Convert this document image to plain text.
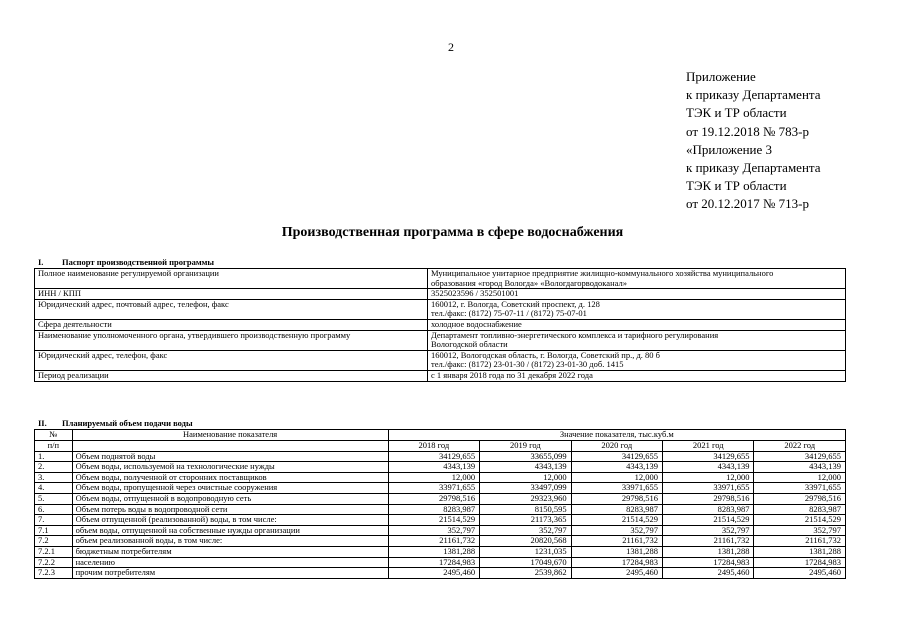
2
Приложение
к приказу Департамента
ТЭК и ТР области
от 19.12.2018 № 783-р
«Приложение 3
к приказу Департамента
ТЭК и ТР области
от 20.12.2017 № 713-р
Производственная программа в сфере водоснабжения
I. Паспорт производственной программы
Полное наименование регулируемой организации	Муниципальное унитарное предприятие жилищно-коммунального хозяйства муниципального
образования «город Вологда» «Вологдагорводоканал»

ИНН / КПП	3525023596 / 352501001

Юридический адрес, почтовый адрес, телефон, факс	160012, г. Вологда, Советский проспект, д. 128
тел./факс: (8172) 75-07-11 / (8172) 75-07-01

Сфера деятельности	холодное водоснабжение

Наименование уполномоченного органа, утвердившего производственную программу	Департамент топливно-энергетического комплекса и тарифного регулирования
Вологодской области

Юридический адрес, телефон, факс	160012, Вологодская область, г. Вологда, Советский пр., д. 80 б
тел./факс: (8172) 23-01-30 / (8172) 23-01-30 доб. 1415

Период реализации	с 1 января 2018 года по 31 декабря 2022 года
II. Планируемый объем подачи воды
№	Наименование показателя	Значение показателя, тыс.куб.м				
п/п		2018 год	2019 год	2020 год	2021 год	2022 год
1.	Объем поднятой воды	34129,655	33655,099	34129,655	34129,655	34129,655
2.	Объем воды, используемой на технологические нужды	4343,139	4343,139	4343,139	4343,139	4343,139
3.	Объем воды, полученной от сторонних поставщиков	12,000	12,000	12,000	12,000	12,000
4.	Объем воды, пропущенной через очистные сооружения	33971,655	33497,099	33971,655	33971,655	33971,655
5.	Объем воды, отпущенной в водопроводную сеть	29798,516	29323,960	29798,516	29798,516	29798,516
6.	Объем потерь воды в водопроводной сети	8283,987	8150,595	8283,987	8283,987	8283,987
7.	Объем отпущенной (реализованной) воды, в том числе:	21514,529	21173,365	21514,529	21514,529	21514,529
7.1	объем воды, отпущенной на собственные нужды организации	352,797	352,797	352,797	352,797	352,797
7.2	объем реализованной воды, в том числе:	21161,732	20820,568	21161,732	21161,732	21161,732
7.2.1	бюджетным потребителям	1381,288	1231,035	1381,288	1381,288	1381,288
7.2.2	населению	17284,983	17049,670	17284,983	17284,983	17284,983
7.2.3	прочим потребителям	2495,460	2539,862	2495,460	2495,460	2495,460
